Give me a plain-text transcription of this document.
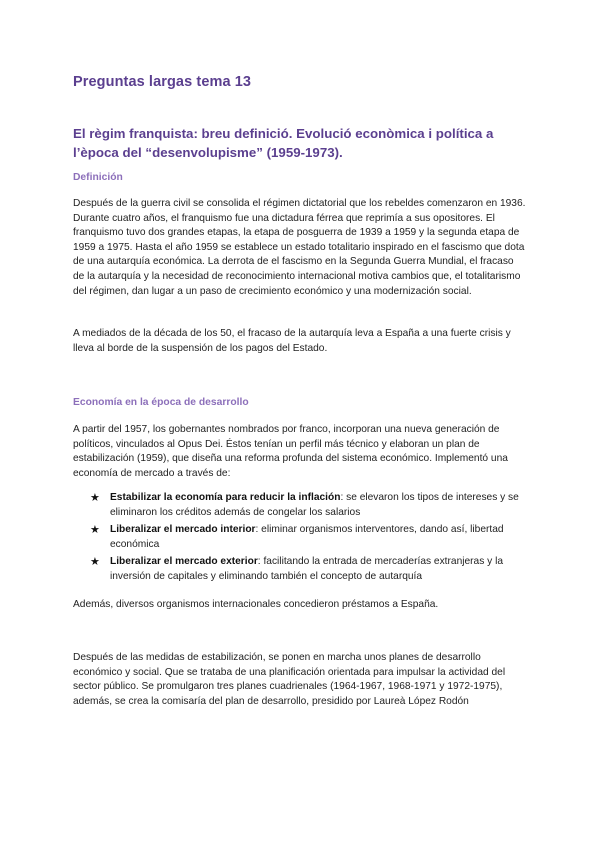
Preguntas largas tema 13
El règim franquista: breu definició. Evolució econòmica i política a l’època del “desenvolupisme” (1959-1973).
Definición
Después de la guerra civil se consolida el régimen dictatorial que los rebeldes comenzaron en 1936. Durante cuatro años, el franquismo fue una dictadura férrea que reprimía a sus opositores. El franquismo tuvo dos grandes etapas, la etapa de posguerra de 1939 a 1959 y la segunda etapa de 1959 a 1975. Hasta el año 1959 se establece un estado totalitario inspirado en el fascismo que dota de una autarquía económica. La derrota de el fascismo en la Segunda Guerra Mundial, el fracaso de la autarquía y la necesidad de reconocimiento internacional motiva cambios que, el totalitarismo del régimen, dan lugar a un paso de crecimiento económico y una modernización social.
A mediados de la década de los 50, el fracaso de la autarquía leva a España a una fuerte crisis y lleva al borde de la suspensión de los pagos del Estado.
Economía en la época de desarrollo
A partir del 1957, los gobernantes nombrados por franco, incorporan una nueva generación de políticos, vinculados al Opus Dei. Éstos tenían un perfil más técnico y elaboran un plan de estabilización (1959), que diseña una reforma profunda del sistema económico. Implementó una economía de mercado a través de:
★ Estabilizar la economía para reducir la inflación: se elevaron los tipos de intereses y se eliminaron los créditos además de congelar los salarios
★ Liberalizar el mercado interior: eliminar organismos interventores, dando así, libertad económica
★ Liberalizar el mercado exterior: facilitando la entrada de mercaderías extranjeras y la inversión de capitales y eliminando también el concepto de autarquía
Además, diversos organismos internacionales concedieron préstamos a España.
Después de las medidas de estabilización, se ponen en marcha unos planes de desarrollo económico y social. Que se trataba de una planificación orientada para impulsar la actividad del sector público. Se promulgaron tres planes cuadrienales (1964-1967, 1968-1971 y 1972-1975), además, se crea la comisaría del plan de desarrollo, presidido por Laureà López Rodón
